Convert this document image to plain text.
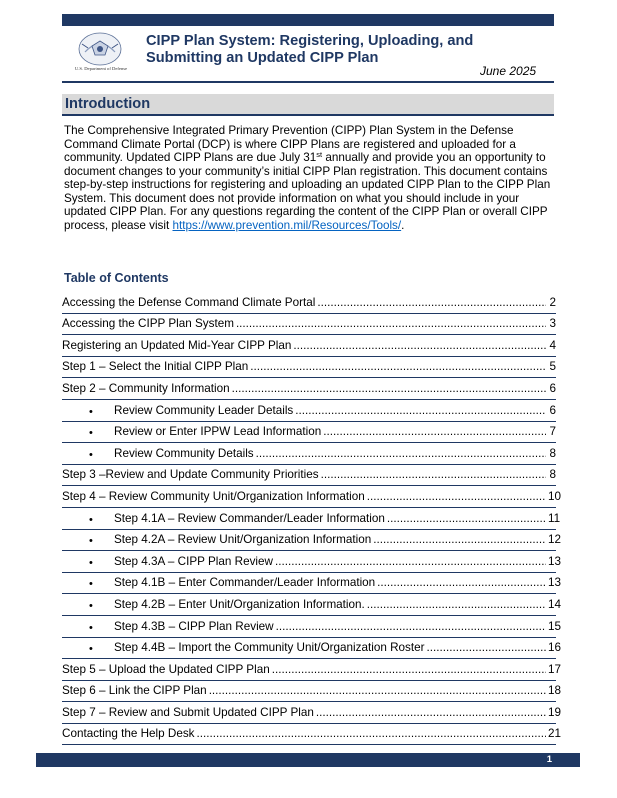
U.S. Department of Defense
CIPP Plan System: Registering, Uploading, and
Submitting an Updated CIPP Plan
June 2025
Introduction

The Comprehensive Integrated Primary Prevention (CIPP) Plan System in the Defense Command Climate Portal (DCP) is where CIPP Plans are registered and uploaded for a community. Updated CIPP Plans are due July 31st annually and provide you an opportunity to document changes to your community’s initial CIPP Plan registration. This document contains step-by-step instructions for registering and uploading an updated CIPP Plan to the CIPP Plan System. This document does not provide information on what you should include in your updated CIPP Plan. For any questions regarding the content of the CIPP Plan or overall CIPP process, please visit https://www.prevention.mil/Resources/Tools/.

Table of Contents
Accessing the Defense Command Climate Portal .....	2
Accessing the CIPP Plan System .....	3
Registering an Updated Mid-Year CIPP Plan .....	4
Step 1 – Select the Initial CIPP Plan .....	5
Step 2 – Community Information .....	6
• Review Community Leader Details .....	6
• Review or Enter IPPW Lead Information .....	7
• Review Community Details .....	8
Step 3 –Review and Update Community Priorities .....	8
Step 4 – Review Community Unit/Organization Information .....	10
• Step 4.1A – Review Commander/Leader Information .....	11
• Step 4.2A – Review Unit/Organization Information .....	12
• Step 4.3A – CIPP Plan Review .....	13
• Step 4.1B – Enter Commander/Leader Information .....	13
• Step 4.2B – Enter Unit/Organization Information. .....	14
• Step 4.3B – CIPP Plan Review .....	15
• Step 4.4B – Import the Community Unit/Organization Roster .....	16
Step 5 – Upload the Updated CIPP Plan .....	17
Step 6 – Link the CIPP Plan .....	18
Step 7 – Review and Submit Updated CIPP Plan .....	19
Contacting the Help Desk .....	21
1
